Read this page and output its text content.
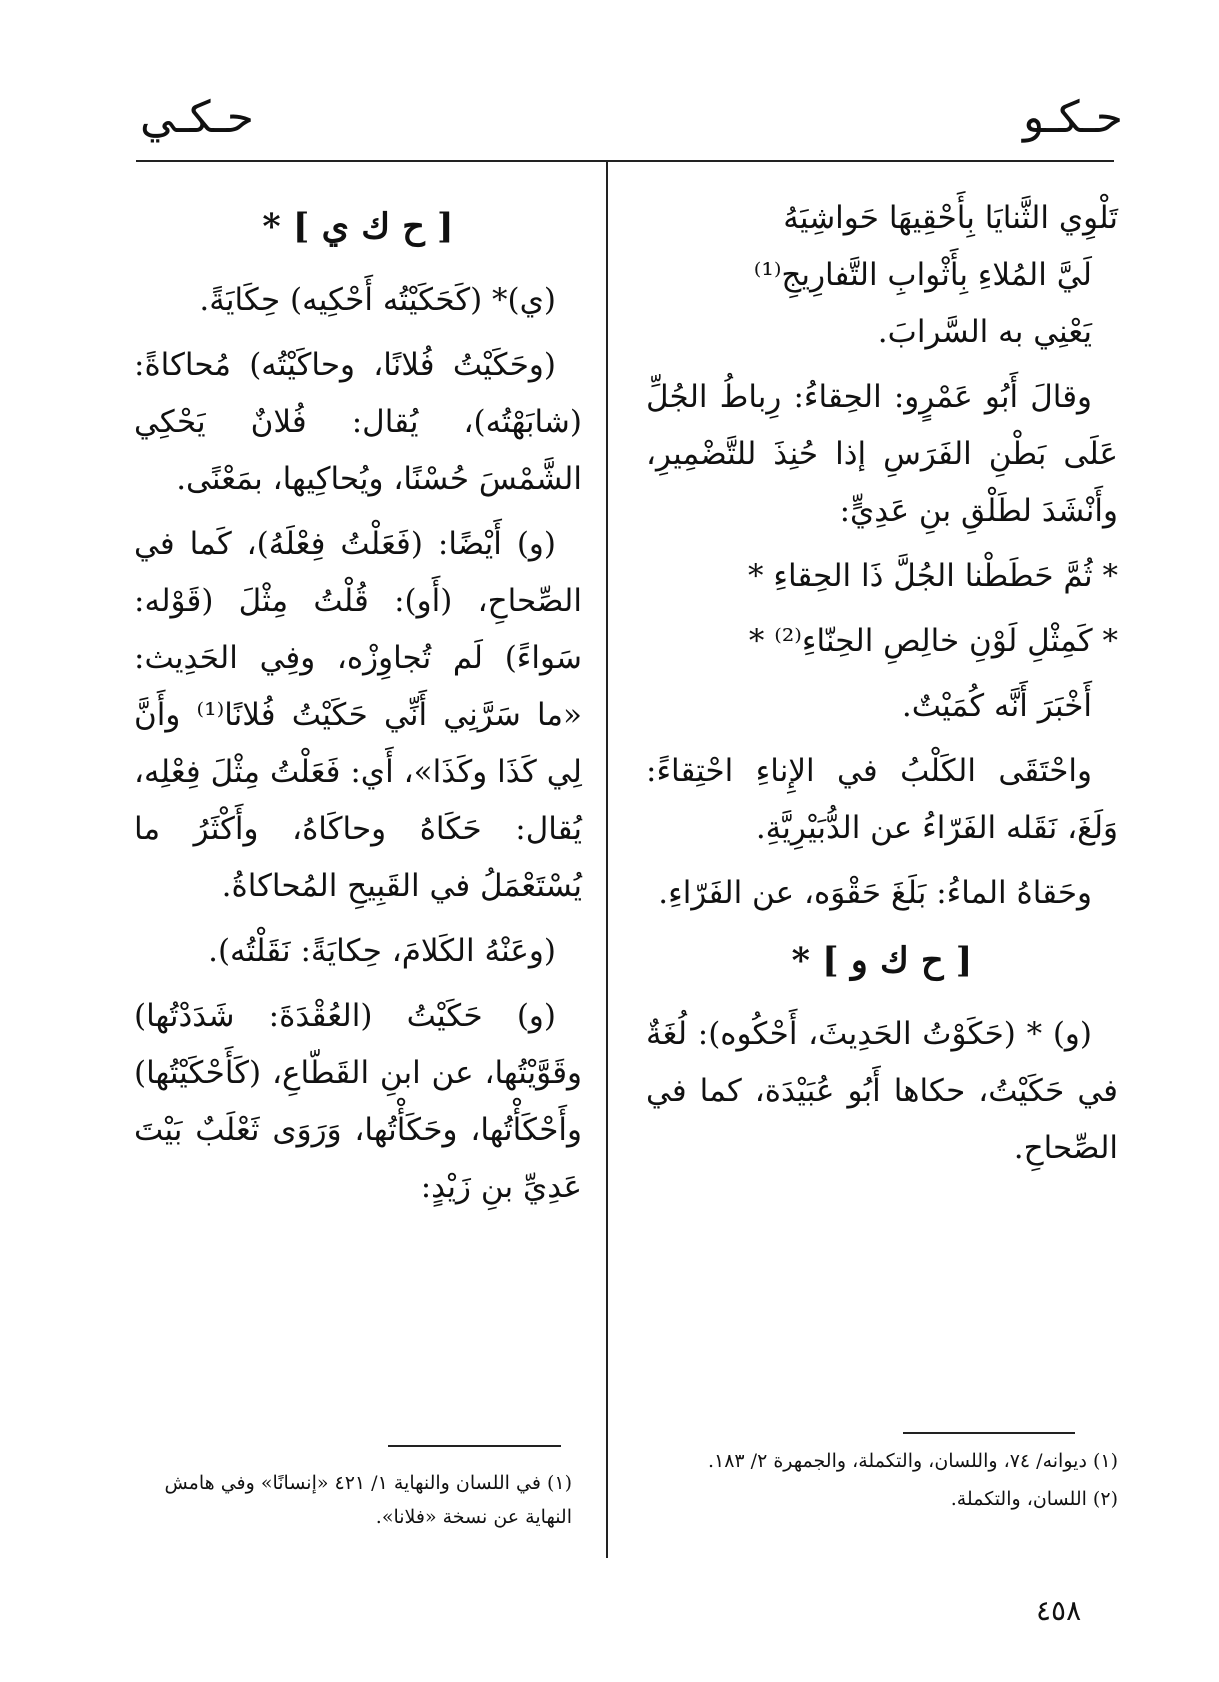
حـكـو
حـكـي

تَلْوِي الثَّنايَا بِأَحْقِيهَا حَواشِيَهُ

لَيَّ المُلاءِ بِأَثْوابِ التَّفارِيجِ⁽¹⁾

يَعْنِي به السَّرابَ.

وقالَ أَبُو عَمْرٍو: الحِقاءُ: رِباطُ الجُلِّ عَلَى بَطْنِ الفَرَسِ إذا حُنِذَ للتَّضْمِيرِ، وأَنْشَدَ لطَلْقِ بنِ عَدِيٍّ:

* ثُمَّ حَطَطْنا الجُلَّ ذَا الحِقاءِ *

* كَمِثْلِ لَوْنِ خالِصِ الحِنّاءِ⁽²⁾ *

أَخْبَرَ أَنَّه كُمَيْتٌ.

واحْتَقَى الكَلْبُ في الإِناءِ احْتِقاءً: وَلَغَ، نَقَله الفَرّاءُ عن الدُّبَيْرِيَّةِ.

وحَقاهُ الماءُ: بَلَغَ حَقْوَه، عن الفَرّاءِ.

[ ح ك و ] *

(و) * (حَكَوْتُ الحَدِيثَ، أَحْكُوه): لُغَةٌ في حَكَيْتُ، حكاها أَبُو عُبَيْدَة، كما في الصِّحاحِ.

[ ح ك ي ] *

(ي)* (كَحَكَيْتُه أَحْكِيه) حِكَايَةً.

(وحَكَيْتُ فُلانًا، وحاكَيْتُه) مُحاكاةً: (شابَهْتُه)، يُقال: فُلانٌ يَحْكِي الشَّمْسَ حُسْنًا، ويُحاكِيها، بمَعْنًى.

(و) أَيْضًا: (فَعَلْتُ فِعْلَهُ)، كَما في الصِّحاحِ، (أَو): قُلْتُ مِثْلَ (قَوْله: سَواءً) لَم تُجاوِزْه، وفِي الحَدِيث: «ما سَرَّنِي أَنِّي حَكَيْتُ فُلانًا⁽¹⁾ وأَنَّ لِي كَذَا وكَذَا»، أَي: فَعَلْتُ مِثْلَ فِعْلِه، يُقال: حَكَاهُ وحاكَاهُ، وأَكْثَرُ ما يُسْتَعْمَلُ في القَبِيحِ المُحاكاةُ.

(وعَنْهُ الكَلامَ، حِكايَةً: نَقَلْتُه).

(و) حَكَيْتُ (العُقْدَةَ: شَدَدْتُها) وقَوَّيْتُها، عن ابنِ القَطّاعِ، (كَأَحْكَيْتُها) وأَحْكَأْتُها، وحَكَأْتُها، وَرَوَى ثَعْلَبٌ بَيْتَ عَدِيِّ بنِ زَيْدٍ:

(١) ديوانه/ ٧٤، واللسان، والتكملة، والجمهرة ٢/ ١٨٣.

(٢) اللسان، والتكملة.

(١) في اللسان والنهاية ١/ ٤٢١ «إنسانًا» وفي هامش النهاية عن نسخة «فلانا».

٤٥٨
